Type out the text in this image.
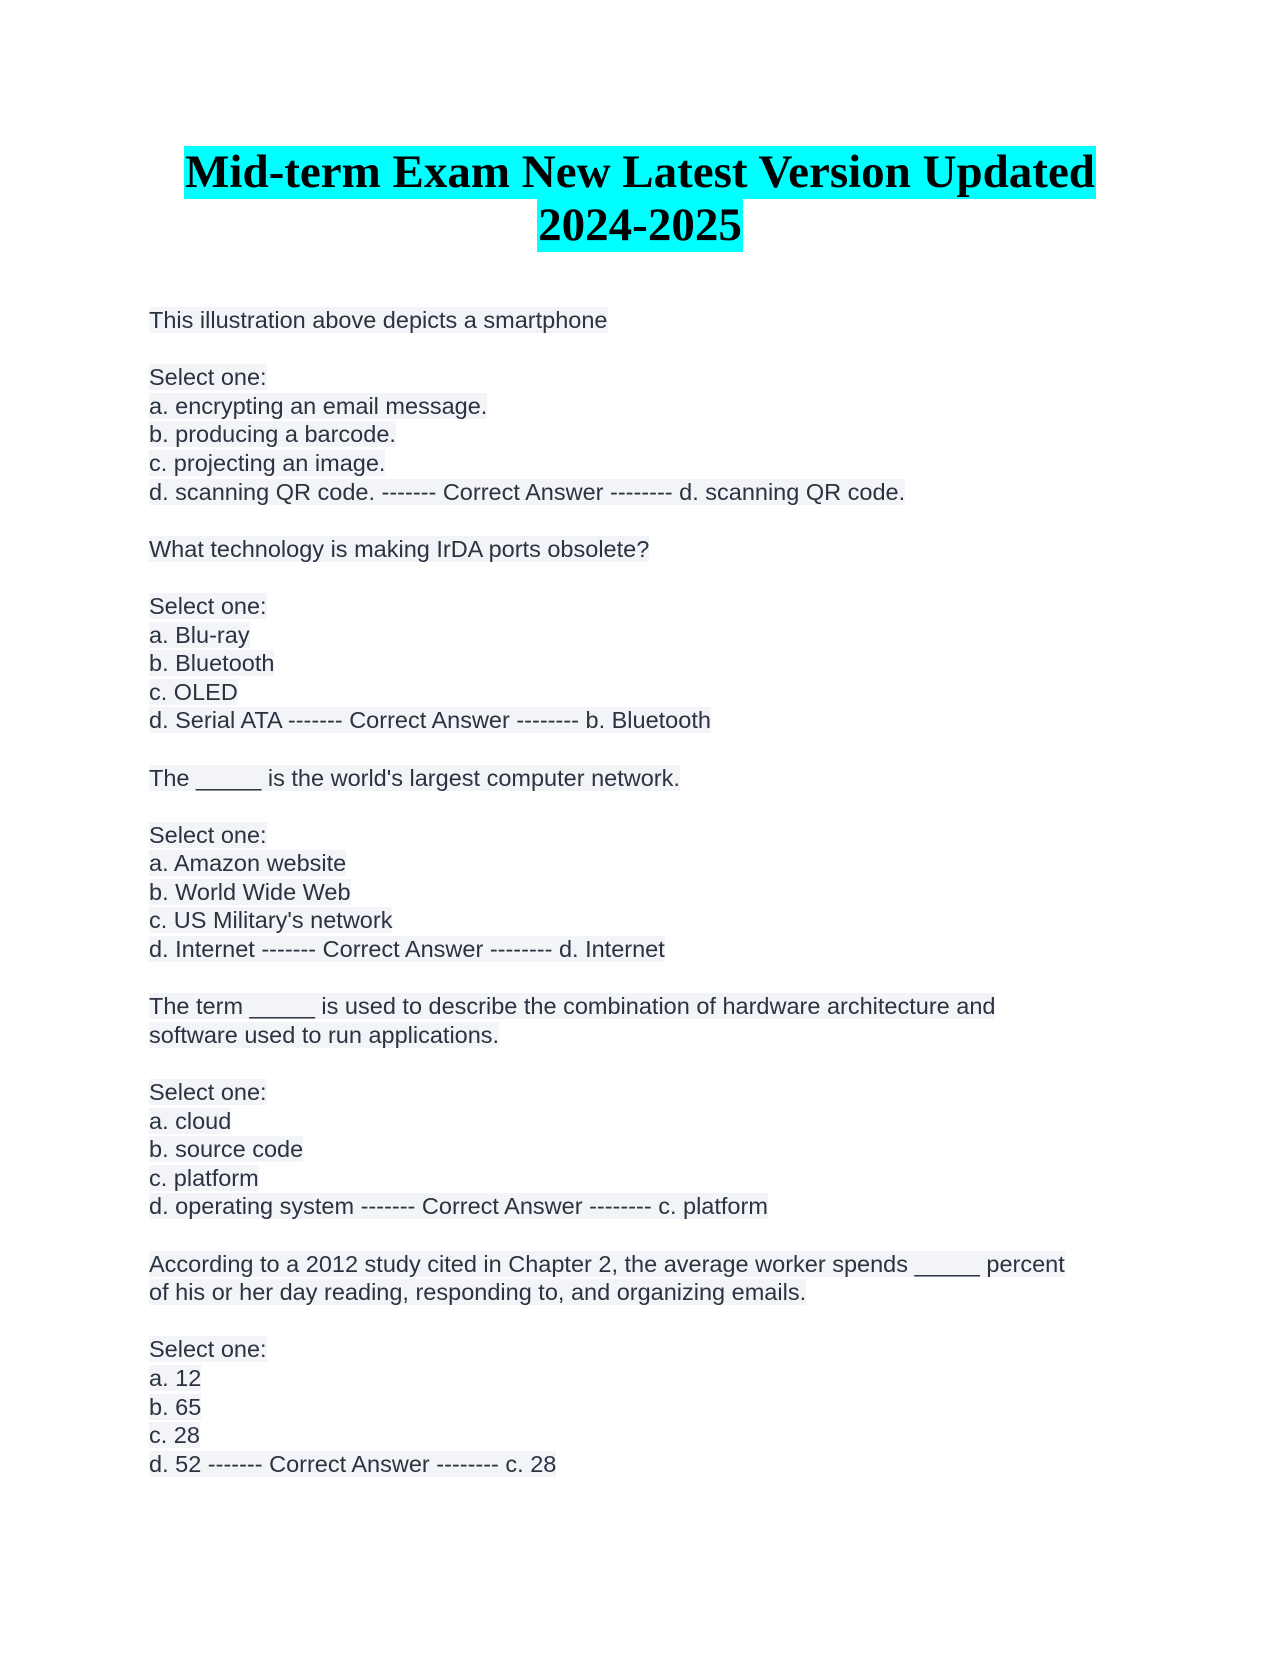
Mid-term Exam New Latest Version Updated
2024-2025
This illustration above depicts a smartphone
Select one:
a. encrypting an email message.
b. producing a barcode.
c. projecting an image.
d. scanning QR code. ------- Correct Answer -------- d. scanning QR code.
What technology is making IrDA ports obsolete?
Select one:
a. Blu-ray
b. Bluetooth
c. OLED
d. Serial ATA ------- Correct Answer -------- b. Bluetooth
The _____ is the world's largest computer network.
Select one:
a. Amazon website
b. World Wide Web
c. US Military's network
d. Internet ------- Correct Answer -------- d. Internet
The term _____ is used to describe the combination of hardware architecture and
software used to run applications.
Select one:
a. cloud
b. source code
c. platform
d. operating system ------- Correct Answer -------- c. platform
According to a 2012 study cited in Chapter 2, the average worker spends _____ percent
of his or her day reading, responding to, and organizing emails.
Select one:
a. 12
b. 65
c. 28
d. 52 ------- Correct Answer -------- c. 28
